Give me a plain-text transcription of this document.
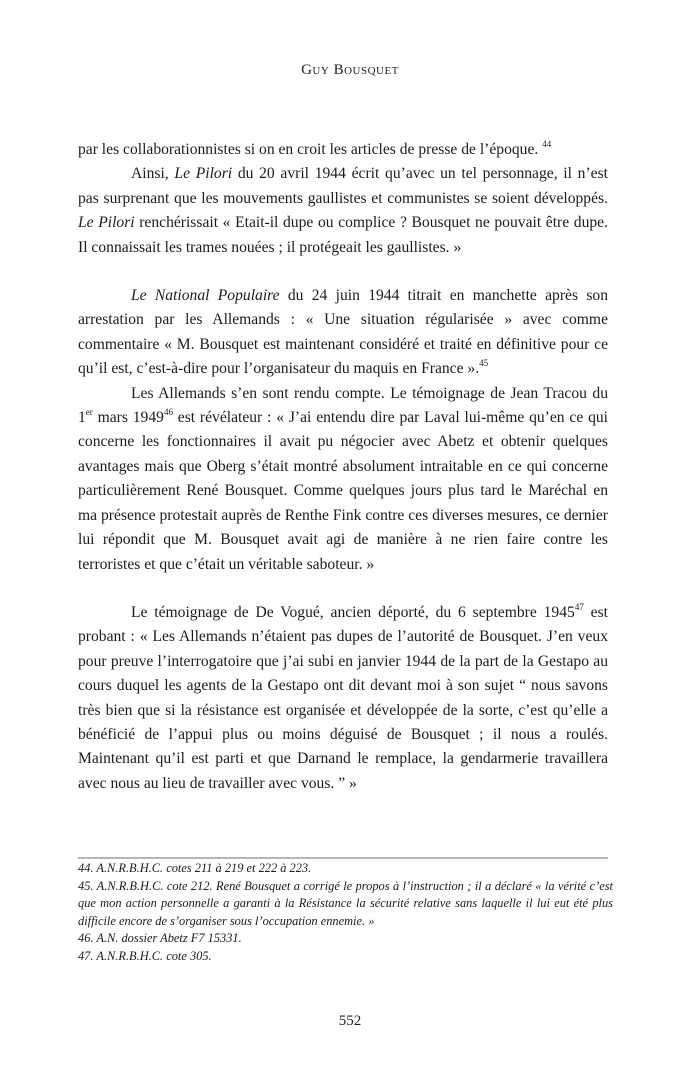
Guy Bousquet

par les collaborationnistes si on en croit les articles de presse de l’époque. $^{44}$

Ainsi, Le Pilori du 20 avril 1944 écrit qu’avec un tel personnage, il n’est pas surprenant que les mouvements gaullistes et communistes se soient développés. Le Pilori renchérissait « Etait-il dupe ou complice ? Bousquet ne pouvait être dupe. Il connaissait les trames nouées ; il protégeait les gaullistes. »

Le National Populaire du 24 juin 1944 titrait en manchette après son arrestation par les Allemands : « Une situation régularisée » avec comme commentaire « M. Bousquet est maintenant considéré et traité en définitive pour ce qu’il est, c’est-à-dire pour l’organisateur du maquis en France ».$^{45}$

Les Allemands s’en sont rendu compte. Le témoignage de Jean Tracou du 1er mars 1949$^{46}$ est révélateur : « J’ai entendu dire par Laval lui-même qu’en ce qui concerne les fonctionnaires il avait pu négocier avec Abetz et obtenir quelques avantages mais que Oberg s’était montré absolument intraitable en ce qui concerne particulièrement René Bousquet. Comme quelques jours plus tard le Maréchal en ma présence protestait auprès de Renthe Fink contre ces diverses mesures, ce dernier lui répondit que M. Bousquet avait agi de manière à ne rien faire contre les terroristes et que c’était un véritable saboteur. »

Le témoignage de De Vogué, ancien déporté, du 6 septembre 1945$^{47}$ est probant : « Les Allemands n’étaient pas dupes de l’autorité de Bousquet. J’en veux pour preuve l’interrogatoire que j’ai subi en janvier 1944 de la part de la Gestapo au cours duquel les agents de la Gestapo ont dit devant moi à son sujet “ nous savons très bien que si la résistance est organisée et développée de la sorte, c’est qu’elle a bénéficié de l’appui plus ou moins déguisé de Bousquet ; il nous a roulés. Maintenant qu’il est parti et que Darnand le remplace, la gendarmerie travaillera avec nous au lieu de travailler avec vous. ” »

44. A.N.R.B.H.C. cotes 211 à 219 et 222 à 223.

45. A.N.R.B.H.C. cote 212. René Bousquet a corrigé le propos à l’instruction ; il a déclaré « la vérité c’est que mon action personnelle a garanti à la Résistance la sécurité relative sans laquelle il lui eut été plus difficile encore de s’organiser sous l’occupation ennemie. »

46. A.N. dossier Abetz F7 15331.

47. A.N.R.B.H.C. cote 305.

552
